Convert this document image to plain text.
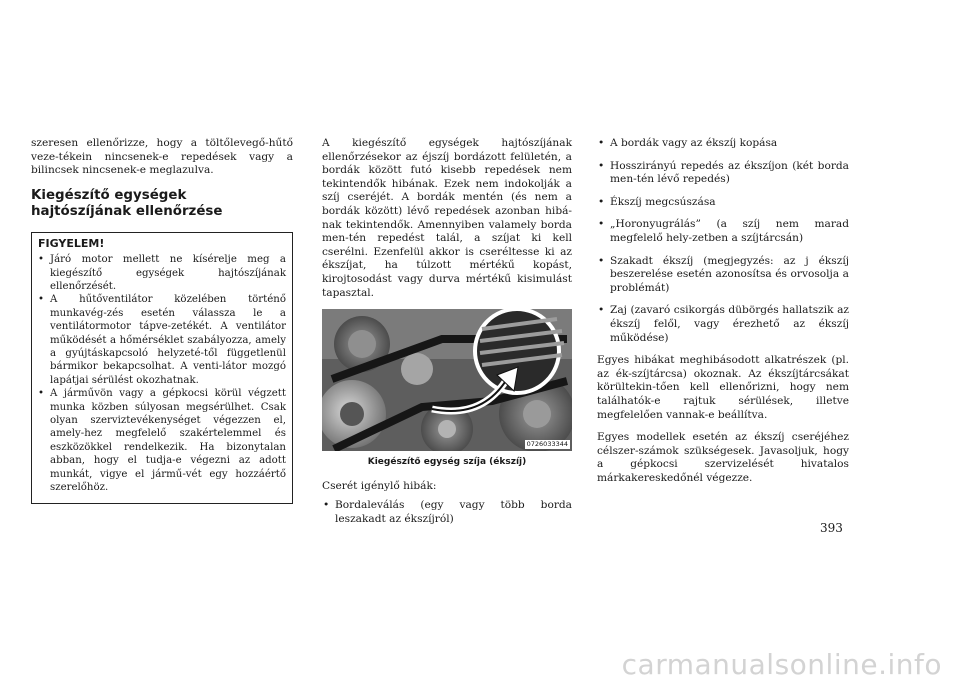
szeresen ellenőrizze, hogy a töltőlevegő-hűtő veze-tékein nincsenek-e repedések vagy a bilincsek nincsenek-e meglazulva.

Kiegészítő egységek hajtószíjának ellenőrzése
FIGYELEM!
• Járó motor mellett ne kísérelje meg a kiegészítő egységek hajtószíjának ellenőrzését.
• A hűtőventilátor közelében történő munkavég-zés esetén válassza le a ventilátormotor tápve-zetékét. A ventilátor működését a hőmérséklet szabályozza, amely a gyújtáskapcsoló helyzeté-től függetlenül bármikor bekapcsolhat. A venti-látor mozgó lapátjai sérülést okozhatnak.
• A járművön vagy a gépkocsi körül végzett munka közben súlyosan megsérülhet. Csak olyan szerviztevékenységet végezzen el, amely-hez megfelelő szakértelemmel és eszközökkel rendelkezik. Ha bizonytalan abban, hogy el tudja-e végezni az adott munkát, vigye el jármű-vét egy hozzáértő szerelőhöz.

A kiegészítő egységek hajtószíjának ellenőrzésekor az éjszíj bordázott felületén, a bordák között futó kisebb repedések nem tekintendők hibának. Ezek nem indokolják a szíj cseréjét. A bordák mentén (és nem a bordák között) lévő repedések azonban hibá-nak tekintendők. Amennyiben valamely borda men-tén repedést talál, a szíjat ki kell cserélni. Ezenfelül akkor is cseréltesse ki az ékszíjat, ha túlzott mértékű kopást, kirojtosodást vagy durva mértékű kisimulást tapasztal.

0726033344
Kiegészítő egység szíja (ékszíj)

Cserét igénylő hibák:

• Bordaleválás (egy vagy több borda leszakadt az ékszíjról)
• A bordák vagy az ékszíj kopása
• Hosszirányú repedés az ékszíjon (két borda men-tén lévő repedés)
• Ékszíj megcsúszása
• „Horonyugrálás” (a szíj nem marad megfelelő hely-zetben a szíjtárcsán)
• Szakadt ékszíj (megjegyzés: az j ékszíj beszerelése esetén azonosítsa és orvosolja a problémát)
• Zaj (zavaró csikorgás dübörgés hallatszik az ékszíj felől, vagy érezhető az ékszíj működése)

Egyes hibákat meghibásodott alkatrészek (pl. az ék-szíjtárcsa) okoznak. Az ékszíjtárcsákat körültekin-tően kell ellenőrizni, hogy nem találhatók-e rajtuk sérülések, illetve megfelelően vannak-e beállítva.

Egyes modellek esetén az ékszíj cseréjéhez célszer-számok szükségesek. Javasoljuk, hogy a gépkocsi szervizelését hivatalos márkakereskedőnél végezze.

393
carmanualsonline.info
